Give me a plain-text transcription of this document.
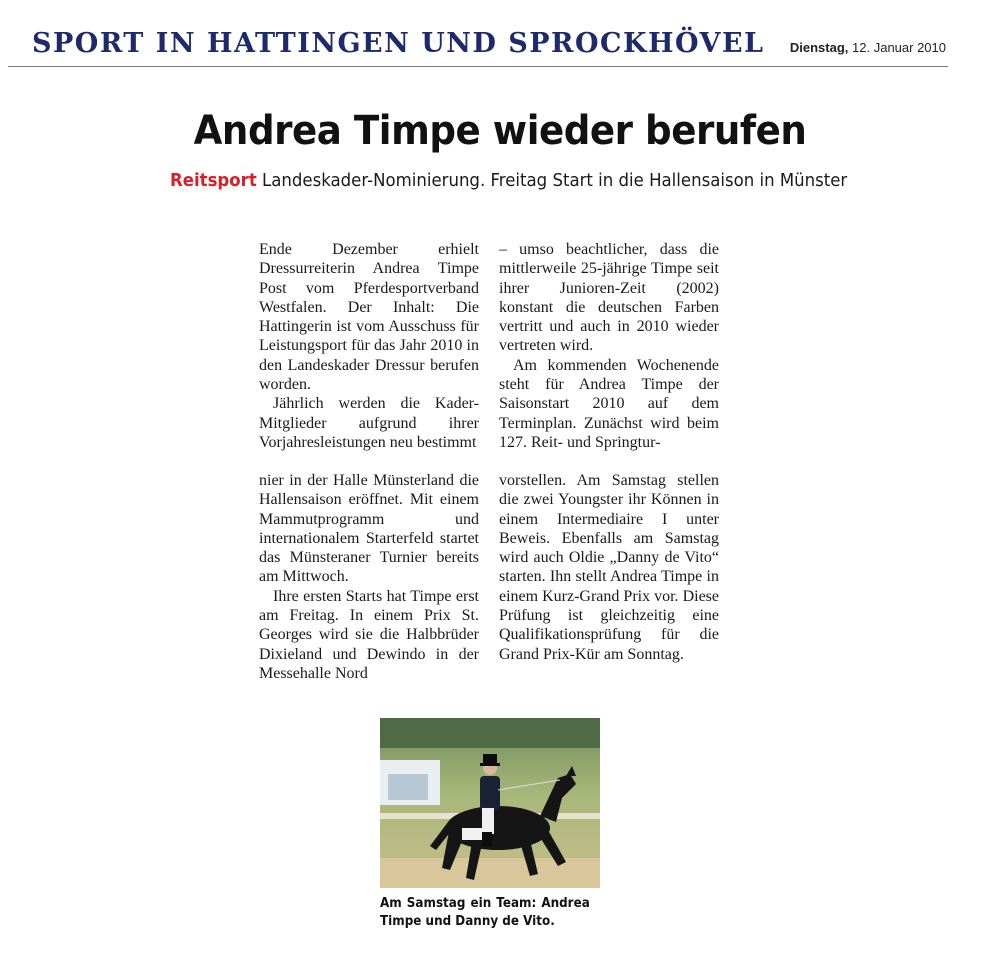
SPORT IN HATTINGEN UND SPROCKHÖVEL Dienstag, 12. Januar 2010
Andrea Timpe wieder berufen
Reitsport Landeskader-Nominierung. Freitag Start in die Hallensaison in Münster

Ende Dezember erhielt Dressurreiterin Andrea Timpe Post vom Pferdesportverband Westfalen. Der Inhalt: Die Hattingerin ist vom Ausschuss für Leistungsport für das Jahr 2010 in den Landeskader Dressur berufen worden.

Jährlich werden die Kader-Mitglieder aufgrund ihrer Vorjahresleistungen neu bestimmt

– umso beachtlicher, dass die mittlerweile 25-jährige Timpe seit ihrer Junioren-Zeit (2002) konstant die deutschen Farben vertritt und auch in 2010 wieder vertreten wird.

Am kommenden Wochenende steht für Andrea Timpe der Saisonstart 2010 auf dem Terminplan. Zunächst wird beim 127. Reit- und Springtur-

nier in der Halle Münsterland die Hallensaison eröffnet. Mit einem Mammutprogramm und internationalem Starterfeld startet das Münsteraner Turnier bereits am Mittwoch.

Ihre ersten Starts hat Timpe erst am Freitag. In einem Prix St. Georges wird sie die Halbbrüder Dixieland und Dewindo in der Messehalle Nord

vorstellen. Am Samstag stellen die zwei Youngster ihr Können in einem Intermediaire I unter Beweis. Ebenfalls am Samstag wird auch Oldie „Danny de Vito“ starten. Ihn stellt Andrea Timpe in einem Kurz-Grand Prix vor. Diese Prüfung ist gleichzeitig eine Qualifikationsprüfung für die Grand Prix-Kür am Sonntag.

Am Samstag ein Team: Andrea Timpe und Danny de Vito.
